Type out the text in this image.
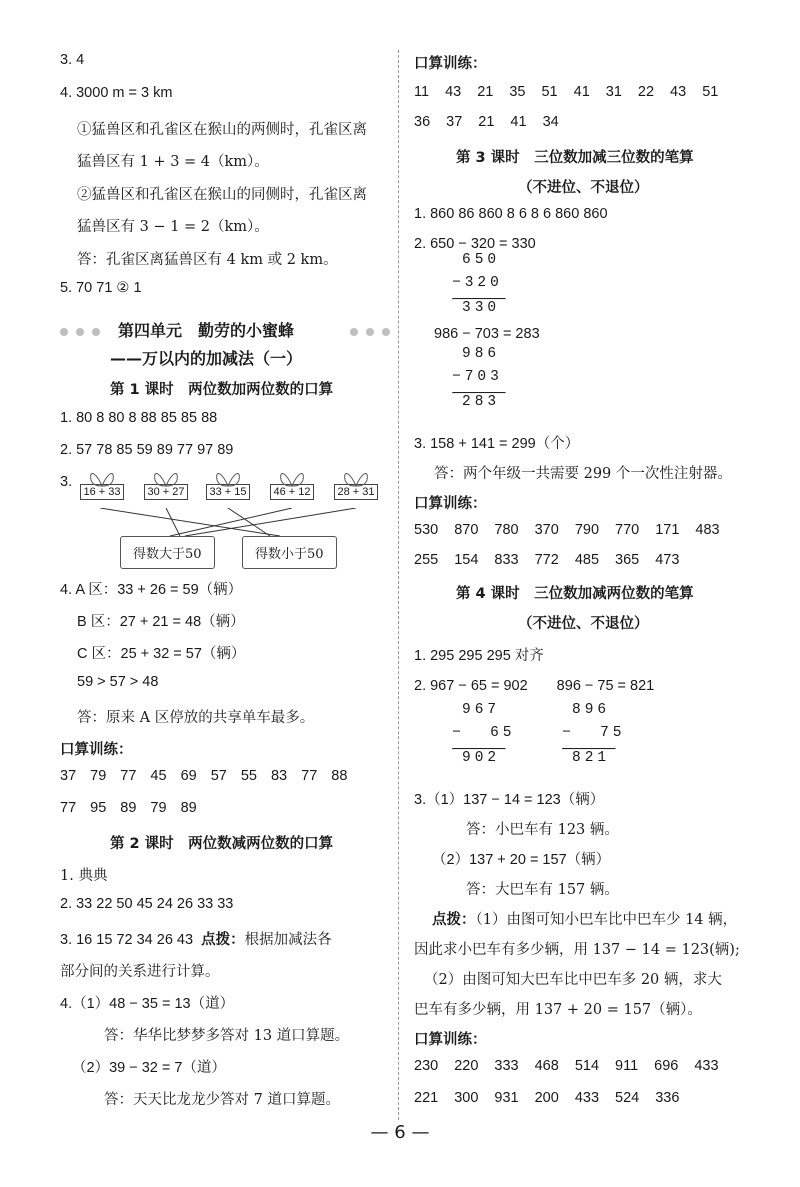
3. 4
4. 3000 m = 3 km
①猛兽区和孔雀区在猴山的两侧时，孔雀区离
猛兽区有 1 + 3 = 4（km）。
②猛兽区和孔雀区在猴山的同侧时，孔雀区离
猛兽区有 3 − 1 = 2（km）。
答：孔雀区离猛兽区有 4 km 或 2 km。
5. 70 71 ② 1
第四单元　勤劳的小蜜蜂
——万以内的加减法（一）
第 1 课时　两位数加两位数的口算
1. 80 8 80 8 88 85 85 88
2. 57 78 85 59 89 77 97 89
3.
16 + 33	30 + 27	33 + 15	46 + 12	28 + 31
得数大于50	得数小于50
4. A 区：33 + 26 = 59（辆）
B 区：27 + 21 = 48（辆）
C 区：25 + 32 = 57（辆）
59 > 57 > 48
答：原来 A 区停放的共享单车最多。
口算训练：
37 79 77 45 69 57 55 83 77 88
77 95 89 79 89
第 2 课时　两位数减两位数的口算
1. 典典
2. 33 22 50 45 24 26 33 33
3. 16 15 72 34 26 43 点拨：根据加减法各
部分间的关系进行计算。
4.（1）48 − 35 = 13（道）
答：华华比梦梦多答对 13 道口算题。
（2）39 − 32 = 7（道）
答：天天比龙龙少答对 7 道口算题。
口算训练：
11 43 21 35 51 41 31 22 43 51
36 37 21 41 34
第 3 课时　三位数加减三位数的笔算
（不进位、不退位）
1. 860 86 860 8 6 8 6 860 860
2. 650 − 320 = 330
650
−320
330
986 − 703 = 283
986
−703
283
3. 158 + 141 = 299（个）
答：两个年级一共需要 299 个一次性注射器。
口算训练：
530 870 780 370 790 770 171 483
255 154 833 772 485 365 473
第 4 课时　三位数加减两位数的笔算
（不进位、不退位）
1. 295 295 295 对齐
2. 967 − 65 = 902　　896 − 75 = 821
967
−  65
902
896
−  75
821
3.（1）137 − 14 = 123（辆）
答：小巴车有 123 辆。
（2）137 + 20 = 157（辆）
答：大巴车有 157 辆。
点拨：（1）由图可知小巴车比中巴车少 14 辆，
因此求小巴车有多少辆，用 137 − 14 = 123(辆);
（2）由图可知大巴车比中巴车多 20 辆，求大
巴车有多少辆，用 137 + 20 = 157（辆）。
口算训练：
230 220 333 468 514 911 696 433
221 300 931 200 433 524 336
— 6 —
